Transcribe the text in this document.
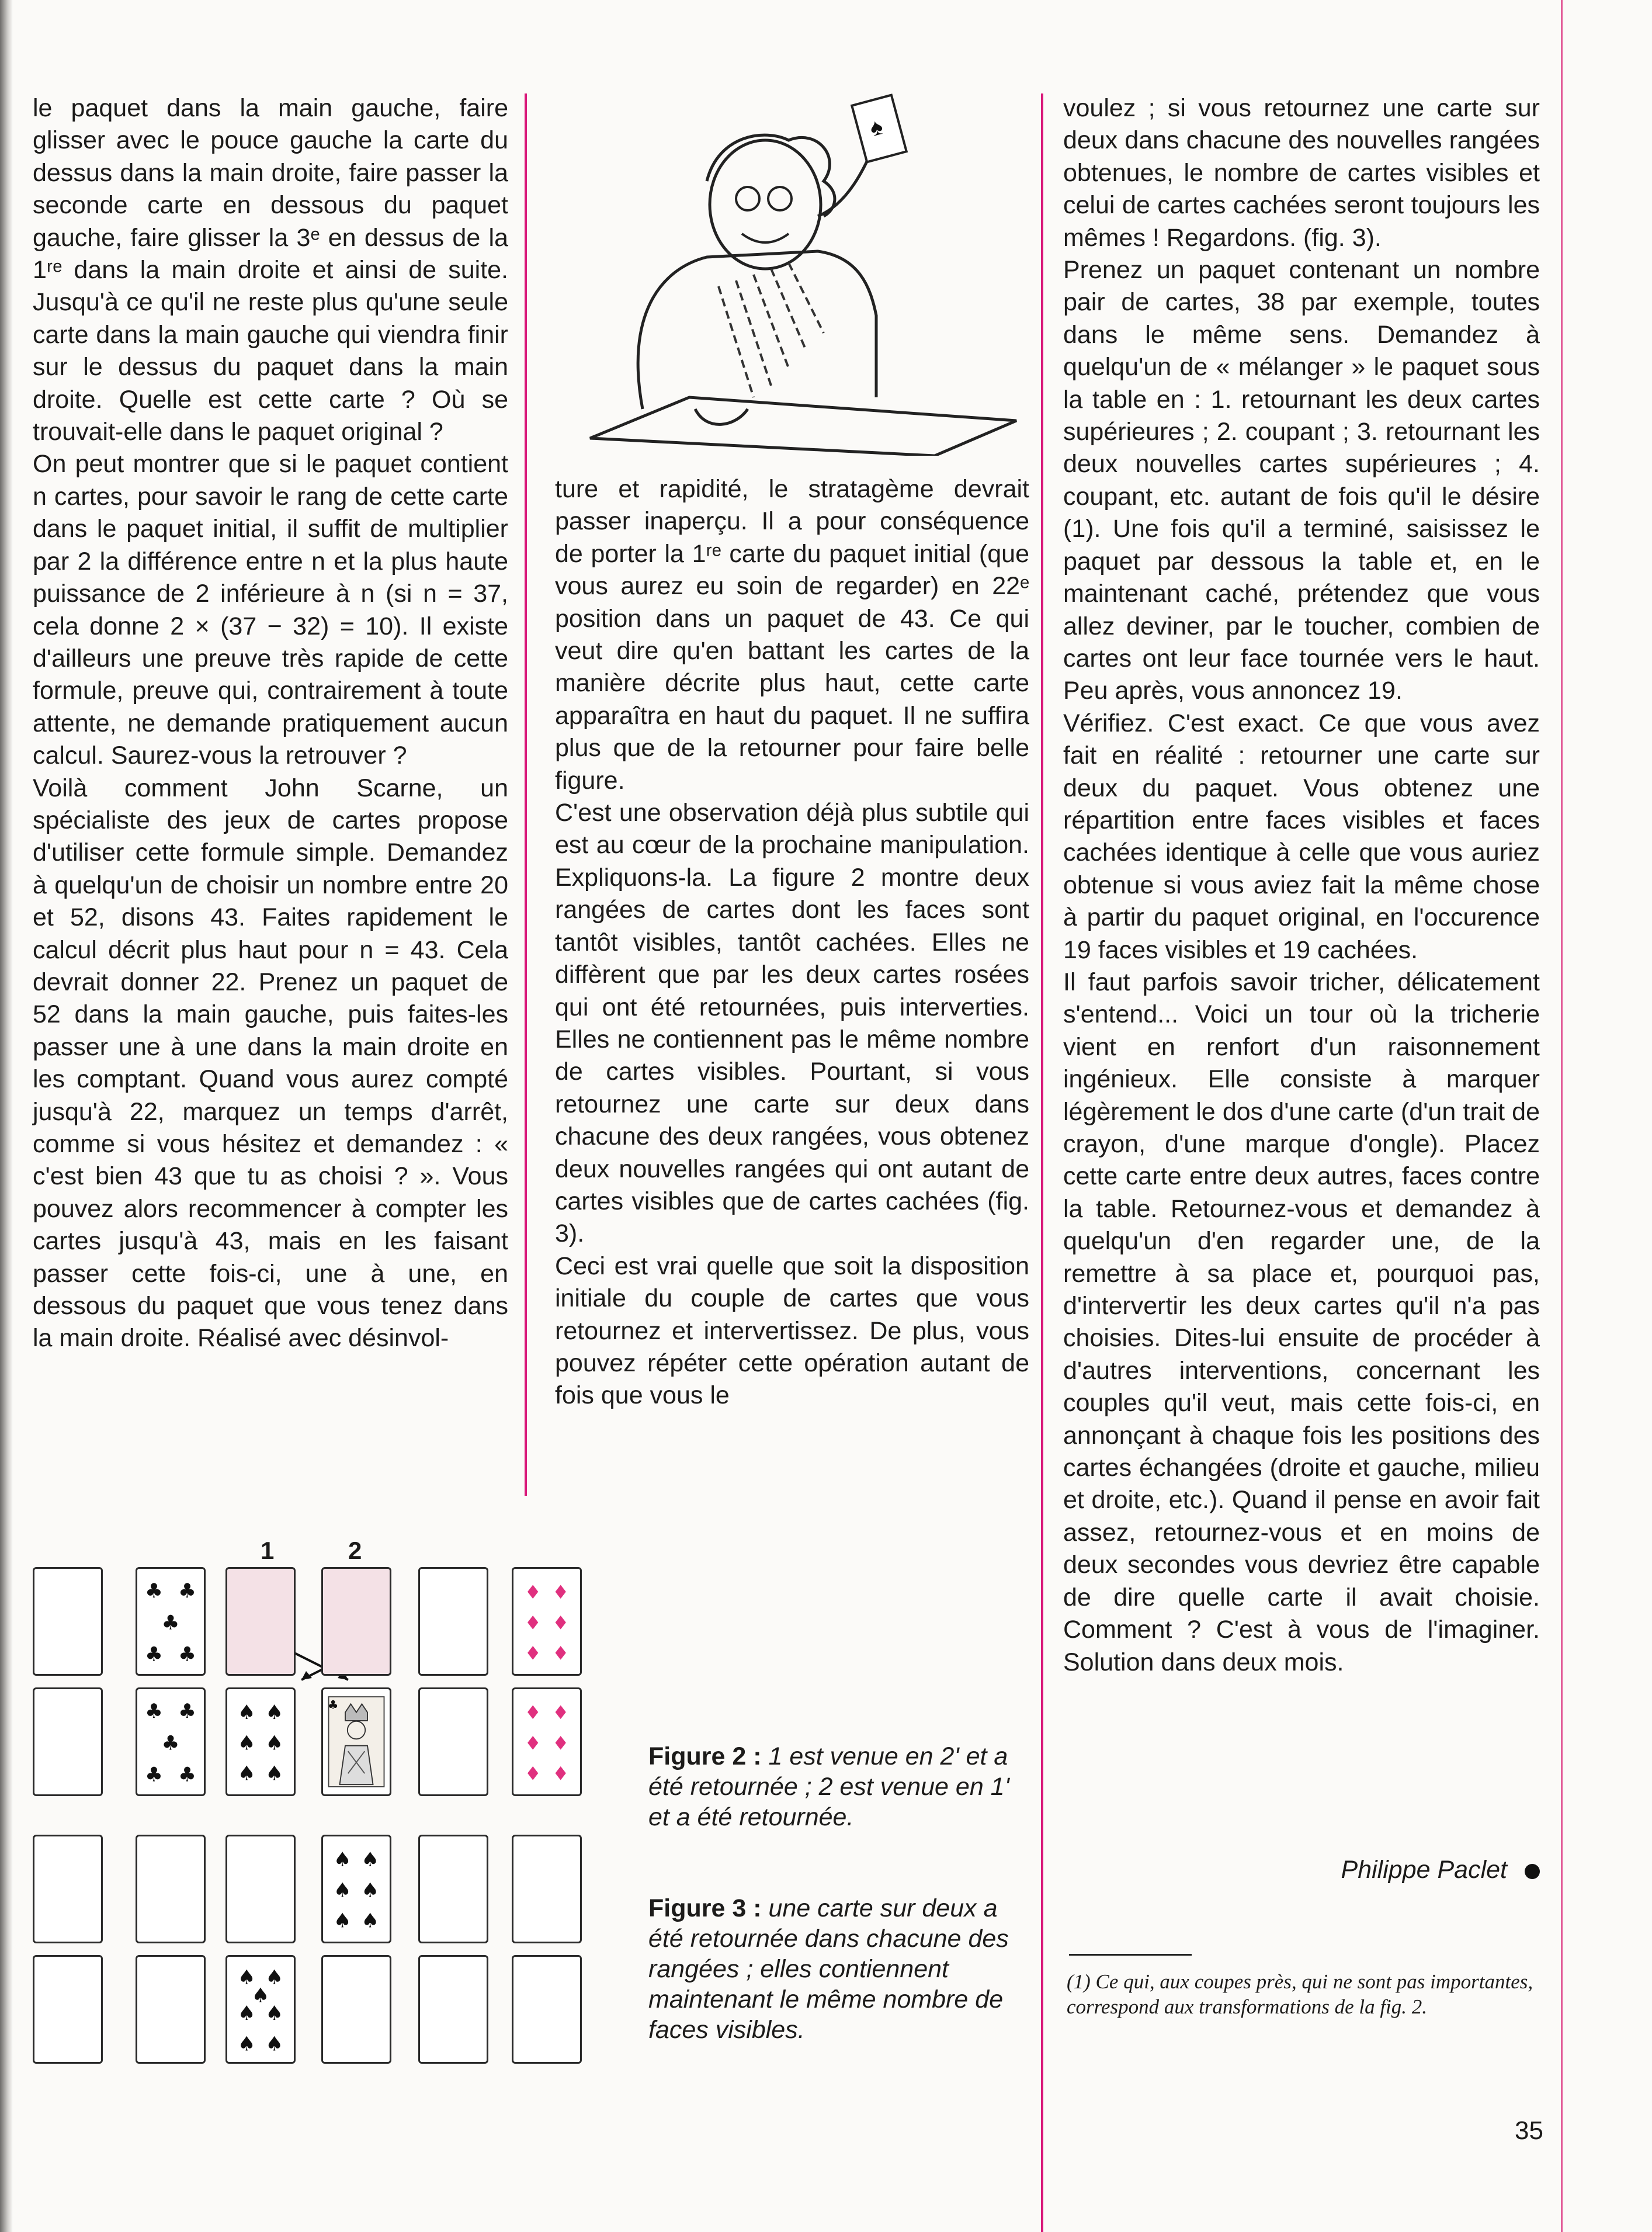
le paquet dans la main gauche, faire glisser avec le pouce gauche la carte du dessus dans la main droite, faire passer la seconde carte en dessous du paquet gauche, faire glisser la 3ᵉ en dessus de la 1ʳᵉ dans la main droite et ainsi de suite. Jusqu'à ce qu'il ne reste plus qu'une seule carte dans la main gauche qui viendra finir sur le dessus du paquet dans la main droite. Quelle est cette carte ? Où se trouvait-elle dans le paquet original ?

On peut montrer que si le paquet contient n cartes, pour savoir le rang de cette carte dans le paquet initial, il suffit de multiplier par 2 la différence entre n et la plus haute puissance de 2 inférieure à n (si n = 37, cela donne 2 × (37 − 32) = 10). Il existe d'ailleurs une preuve très rapide de cette formule, preuve qui, contrairement à toute attente, ne demande pratiquement aucun calcul. Saurez-vous la retrouver ?

Voilà comment John Scarne, un spécialiste des jeux de cartes propose d'utiliser cette formule simple. Demandez à quelqu'un de choisir un nombre entre 20 et 52, disons 43. Faites rapidement le calcul décrit plus haut pour n = 43. Cela devrait donner 22. Prenez un paquet de 52 dans la main gauche, puis faites-les passer une à une dans la main droite en les comptant. Quand vous aurez compté jusqu'à 22, marquez un temps d'arrêt, comme si vous hésitez et demandez : « c'est bien 43 que tu as choisi ? ». Vous pouvez alors recommencer à compter les cartes jusqu'à 43, mais en les faisant passer cette fois-ci, une à une, en dessous du paquet que vous tenez dans la main droite. Réalisé avec désinvol-

♠

ture et rapidité, le stratagème devrait passer inaperçu. Il a pour conséquence de porter la 1ʳᵉ carte du paquet initial (que vous aurez eu soin de regarder) en 22ᵉ position dans un paquet de 43. Ce qui veut dire qu'en battant les cartes de la manière décrite plus haut, cette carte apparaîtra en haut du paquet. Il ne suffira plus que de la retourner pour faire belle figure.

C'est une observation déjà plus subtile qui est au cœur de la prochaine manipulation. Expliquons-la. La figure 2 montre deux rangées de cartes dont les faces sont tantôt visibles, tantôt cachées. Elles ne diffèrent que par les deux cartes rosées qui ont été retournées, puis interverties. Elles ne contiennent pas le même nombre de cartes visibles. Pourtant, si vous retournez une carte sur deux dans chacune des deux rangées, vous obtenez deux nouvelles rangées qui ont autant de cartes visibles que de cartes cachées (fig. 3).

Ceci est vrai quelle que soit la disposition initiale du couple de cartes que vous retournez et intervertissez. De plus, vous pouvez répéter cette opération autant de fois que vous le

1	2
♣ ♣
♣
♣ ♣
♦ ♦
♦ ♦
♦ ♦
♣ ♣
♣
♣ ♣
♠ ♠
♠ ♠
♠ ♠
♣	♦ ♦
♦ ♦
♦ ♦
♠ ♠
♠ ♠
♠ ♠
♠ ♠
♠
♠ ♠
♠ ♠
Figure 2 : 1 est venue en 2' et a été retournée ; 2 est venue en 1' et a été retournée.
Figure 3 : une carte sur deux a été retournée dans chacune des rangées ; elles contiennent maintenant le même nombre de faces visibles.

voulez ; si vous retournez une carte sur deux dans chacune des nouvelles rangées obtenues, le nombre de cartes visibles et celui de cartes cachées seront toujours les mêmes ! Regardons. (fig. 3).

Prenez un paquet contenant un nombre pair de cartes, 38 par exemple, toutes dans le même sens. Demandez à quelqu'un de « mélanger » le paquet sous la table en : 1. retournant les deux cartes supérieures ; 2. coupant ; 3. retournant les deux nouvelles cartes supérieures ; 4. coupant, etc. autant de fois qu'il le désire (1). Une fois qu'il a terminé, saisissez le paquet par dessous la table et, en le maintenant caché, prétendez que vous allez deviner, par le toucher, combien de cartes ont leur face tournée vers le haut. Peu après, vous annoncez 19.

Vérifiez. C'est exact. Ce que vous avez fait en réalité : retourner une carte sur deux du paquet. Vous obtenez une répartition entre faces visibles et faces cachées identique à celle que vous auriez obtenue si vous aviez fait la même chose à partir du paquet original, en l'occurence 19 faces visibles et 19 cachées.

Il faut parfois savoir tricher, délicatement s'entend... Voici un tour où la tricherie vient en renfort d'un raisonnement ingénieux. Elle consiste à marquer légèrement le dos d'une carte (d'un trait de crayon, d'une marque d'ongle). Placez cette carte entre deux autres, faces contre la table. Retournez-vous et demandez à quelqu'un d'en regarder une, de la remettre à sa place et, pourquoi pas, d'intervertir les deux cartes qu'il n'a pas choisies. Dites-lui ensuite de procéder à d'autres interventions, concernant les couples qu'il veut, mais cette fois-ci, en annonçant à chaque fois les positions des cartes échangées (droite et gauche, milieu et droite, etc.). Quand il pense en avoir fait assez, retournez-vous et en moins de deux secondes vous devriez être capable de dire quelle carte il avait choisie. Comment ? C'est à vous de l'imaginer. Solution dans deux mois.

Philippe Paclet
(1) Ce qui, aux coupes près, qui ne sont pas importantes, correspond aux transformations de la fig. 2.
35
